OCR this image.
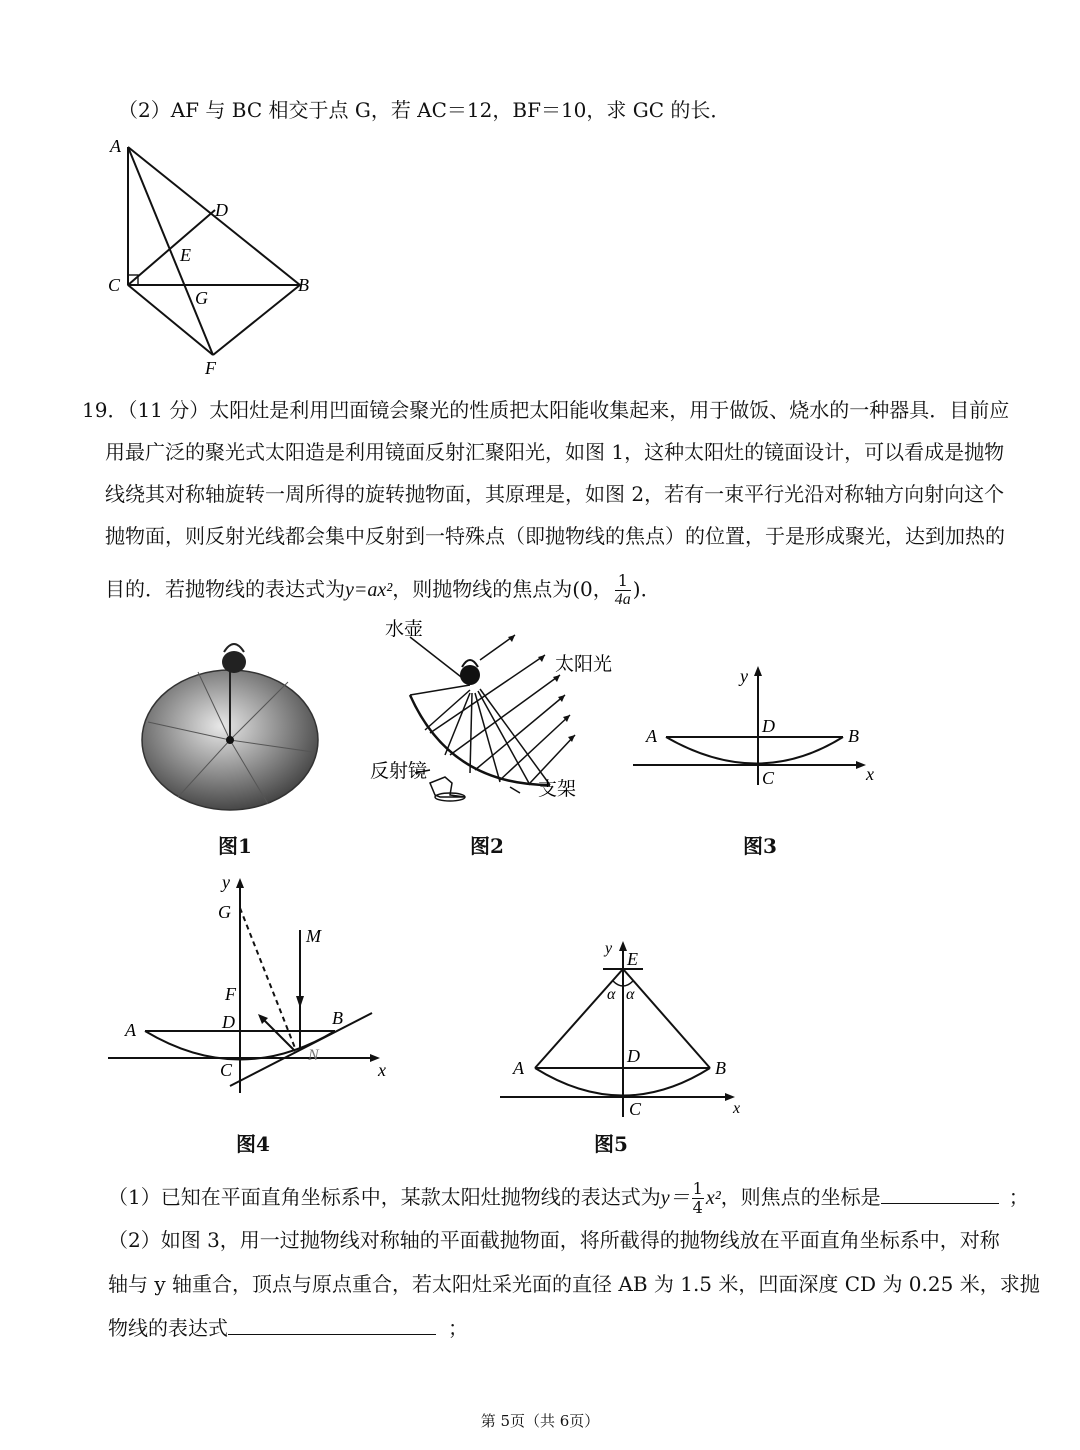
（2）AF 与 BC 相交于点 G，若 AC＝12，BF＝10，求 GC 的长．
A
D
E
C
G
B
F
19．（11 分）太阳灶是利用凹面镜会聚光的性质把太阳能收集起来，用于做饭、烧水的一种器具．目前应
用最广泛的聚光式太阳造是利用镜面反射汇聚阳光，如图 1，这种太阳灶的镜面设计，可以看成是抛物
线绕其对称轴旋转一周所得的旋转抛物面，其原理是，如图 2，若有一束平行光沿对称轴方向射向这个
抛物面，则反射光线都会集中反射到一特殊点（即抛物线的焦点）的位置，于是形成聚光，达到加热的
目的．若抛物线的表达式为y=ax²，则抛物线的焦点为(0， $\frac{1}{4a}$ )．
水壶
太阳光
反射镜
支架
y
x
A	B
D
C
图1	图2	图3
y
G
M
F
D
A
B
C
N
x
y
E
α α
D
A	B
C	x
图4	图5
（1）已知在平面直角坐标系中，某款太阳灶抛物线的表达式为$y= \frac{1}{4} x^2$，则焦点的坐标是	；
（2）如图 3，用一过抛物线对称轴的平面截抛物面，将所截得的抛物线放在平面直角坐标系中，对称
轴与 y 轴重合，顶点与原点重合，若太阳灶采光面的直径 AB 为 1.5 米，凹面深度 CD 为 0.25 米，求抛
物线的表达式	；
第 5页（共 6页）
